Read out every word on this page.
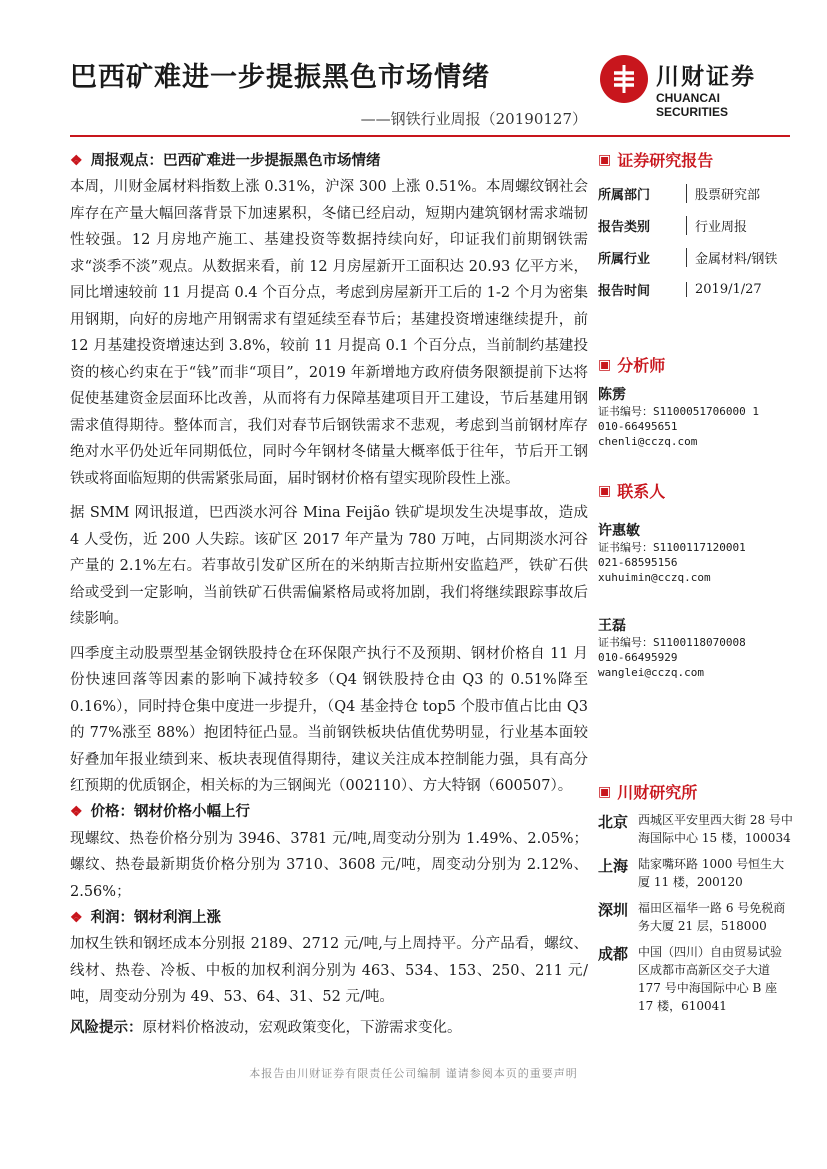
巴西矿难进一步提振黑色市场情绪
——钢铁行业周报（20190127）
川财证券
CHUANCAI SECURITIES
❖ 周报观点：巴西矿难进一步提振黑色市场情绪

本周，川财金属材料指数上涨 0.31%，沪深 300 上涨 0.51%。本周螺纹钢社会库存在产量大幅回落背景下加速累积，冬储已经启动，短期内建筑钢材需求端韧性较强。12 月房地产施工、基建投资等数据持续向好，印证我们前期钢铁需求“淡季不淡”观点。从数据来看，前 12 月房屋新开工面积达 20.93 亿平方米，同比增速较前 11 月提高 0.4 个百分点，考虑到房屋新开工后的 1-2 个月为密集用钢期，向好的房地产用钢需求有望延续至春节后；基建投资增速继续提升，前 12 月基建投资增速达到 3.8%，较前 11 月提高 0.1 个百分点，当前制约基建投资的核心约束在于“钱”而非“项目”，2019 年新增地方政府债务限额提前下达将促使基建资金层面环比改善，从而将有力保障基建项目开工建设，节后基建用钢需求值得期待。整体而言，我们对春节后钢铁需求不悲观，考虑到当前钢材库存绝对水平仍处近年同期低位，同时今年钢材冬储量大概率低于往年，节后开工钢铁或将面临短期的供需紧张局面，届时钢材价格有望实现阶段性上涨。

据 SMM 网讯报道，巴西淡水河谷 Mina Feijão 铁矿堤坝发生决堤事故，造成 4 人受伤，近 200 人失踪。该矿区 2017 年产量为 780 万吨，占同期淡水河谷产量的 2.1%左右。若事故引发矿区所在的米纳斯吉拉斯州安监趋严，铁矿石供给或受到一定影响，当前铁矿石供需偏紧格局或将加剧，我们将继续跟踪事故后续影响。

四季度主动股票型基金钢铁股持仓在环保限产执行不及预期、钢材价格自 11 月份快速回落等因素的影响下减持较多（Q4 钢铁股持仓由 Q3 的 0.51%降至 0.16%），同时持仓集中度进一步提升，（Q4 基金持仓 top5 个股市值占比由 Q3 的 77%涨至 88%）抱团特征凸显。当前钢铁板块估值优势明显，行业基本面较好叠加年报业绩到来、板块表现值得期待，建议关注成本控制能力强，具有高分红预期的优质钢企，相关标的为三钢闽光（002110）、方大特钢（600507）。

❖ 价格：钢材价格小幅上行

现螺纹、热卷价格分别为 3946、3781 元/吨,周变动分别为 1.49%、2.05%；螺纹、热卷最新期货价格分别为 3710、3608 元/吨，周变动分别为 2.12%、2.56%；

❖ 利润：钢材利润上涨

加权生铁和钢坯成本分别报 2189、2712 元/吨,与上周持平。分产品看，螺纹、线材、热卷、冷板、中板的加权利润分别为 463、534、153、250、211 元/吨，周变动分别为 49、53、64、31、52 元/吨。

风险提示：原材料价格波动，宏观政策变化，下游需求变化。

▣ 证券研究报告
所属部门	股票研究部
报告类别	行业周报
所属行业	金属材料/钢铁
报告时间	2019/1/27
▣ 分析师
陈雳
证书编号：S1100051706000 1
010-66495651
chenli@cczq.com
▣ 联系人
许惠敏
证书编号：S1100117120001
021-68595156
xuhuimin@cczq.com
王磊
证书编号：S1100118070008
010-66495929
wanglei@cczq.com
▣ 川财研究所
北京 西城区平安里西大街 28 号中海国际中心 15 楼，100034
上海 陆家嘴环路 1000 号恒生大厦 11 楼，200120
深圳 福田区福华一路 6 号免税商务大厦 21 层，518000
成都 中国（四川）自由贸易试验区成都市高新区交子大道 177 号中海国际中心 B 座 17 楼，610041
本报告由川财证券有限责任公司编制 谨请参阅本页的重要声明
